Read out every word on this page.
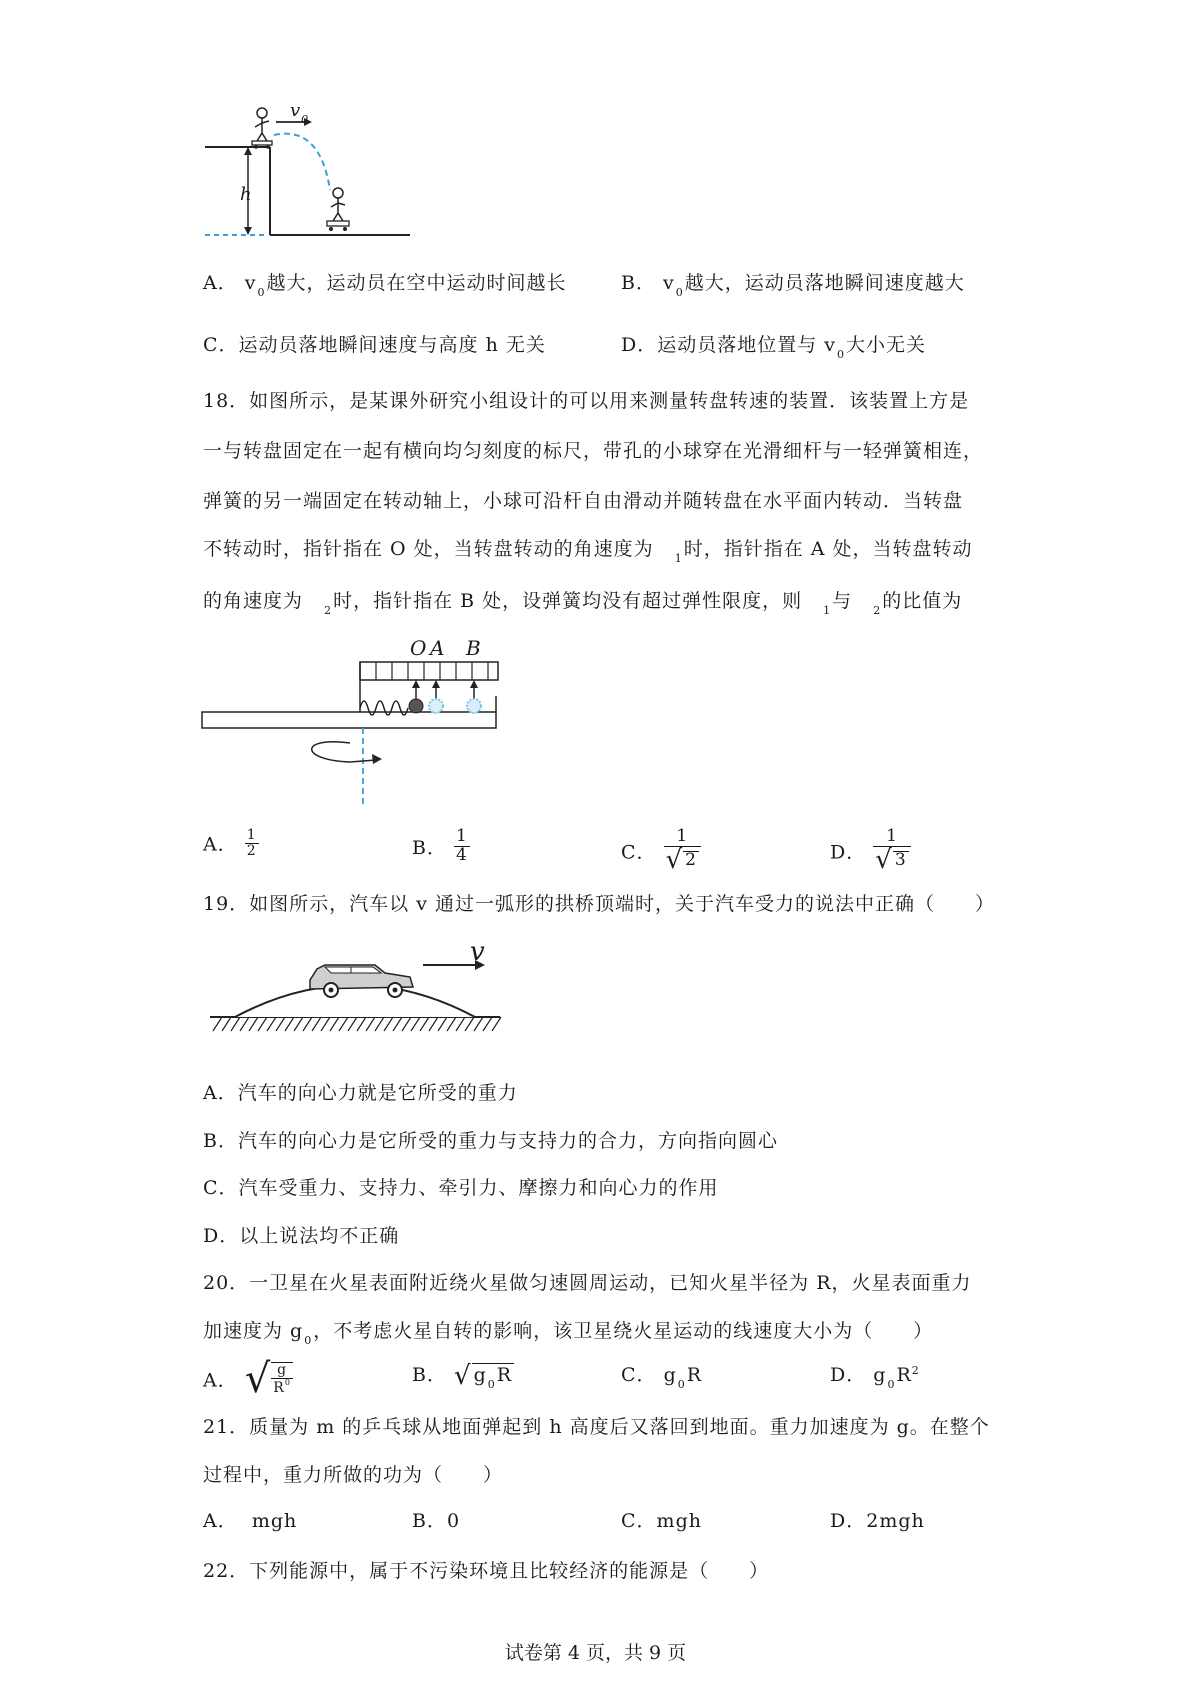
$v_0$
h
A． $v_0$越大，运动员在空中运动时间越长	B． $v_0$越大，运动员落地瞬间速度越大
C．运动员落地瞬间速度与高度 h 无关	D．运动员落地位置与 $v_0$大小无关
18．如图所示，是某课外研究小组设计的可以用来测量转盘转速的装置．该装置上方是
一与转盘固定在一起有横向均匀刻度的标尺，带孔的小球穿在光滑细杆与一轻弹簧相连，
弹簧的另一端固定在转动轴上，小球可沿杆自由滑动并随转盘在水平面内转动．当转盘
不转动时，指针指在 O 处，当转盘转动的角速度为 $_1$时，指针指在 A 处，当转盘转动
的角速度为 $_2$时，指针指在 B 处，设弹簧均没有超过弹性限度，则 $_1$与 $_2$的比值为
O A B
A． $\frac{1}{2}$	B． $\frac{1}{4}$	C． $\frac{1}{√ 2}$	D． $\frac{1}{√ 3}$
19．如图所示，汽车以 v 通过一弧形的拱桥顶端时，关于汽车受力的说法中正确（　　）
v
A．汽车的向心力就是它所受的重力
B．汽车的向心力是它所受的重力与支持力的合力，方向指向圆心
C．汽车受重力、支持力、牵引力、摩擦力和向心力的作用
D．以上说法均不正确
20．一卫星在火星表面附近绕火星做匀速圆周运动，已知火星半径为 R，火星表面重力
加速度为 $g_0$，不考虑火星自转的影响，该卫星绕火星运动的线速度大小为（　　）
A． √ $\frac{g}{R^0}$	B． √ $g_0R$	C． $g_0R$	D． $g_0R^2$
21．质量为 m 的乒乓球从地面弹起到 h 高度后又落回到地面。重力加速度为 g。在整个
过程中，重力所做的功为（　　）
A． mgh	B．0	C．mgh	D．2mgh
22．下列能源中，属于不污染环境且比较经济的能源是（　　）
试卷第 4 页，共 9 页
